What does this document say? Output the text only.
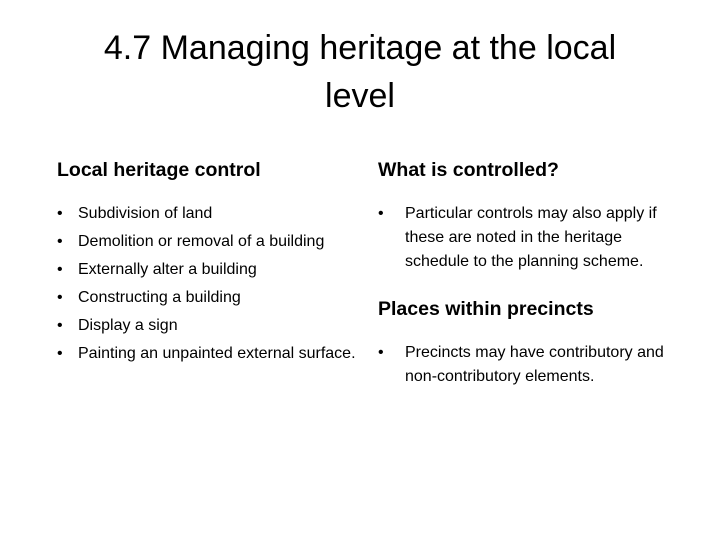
4.7 Managing heritage at the local
level
Local heritage control
• Subdivision of land
• Demolition or removal of a building
• Externally alter a building
• Constructing a building
• Display a sign
• Painting an unpainted external surface.
What is controlled?
•	Particular controls may also apply if these are noted in the heritage schedule to the planning scheme.
Places within precincts
•	Precincts may have contributory and non-contributory elements.
